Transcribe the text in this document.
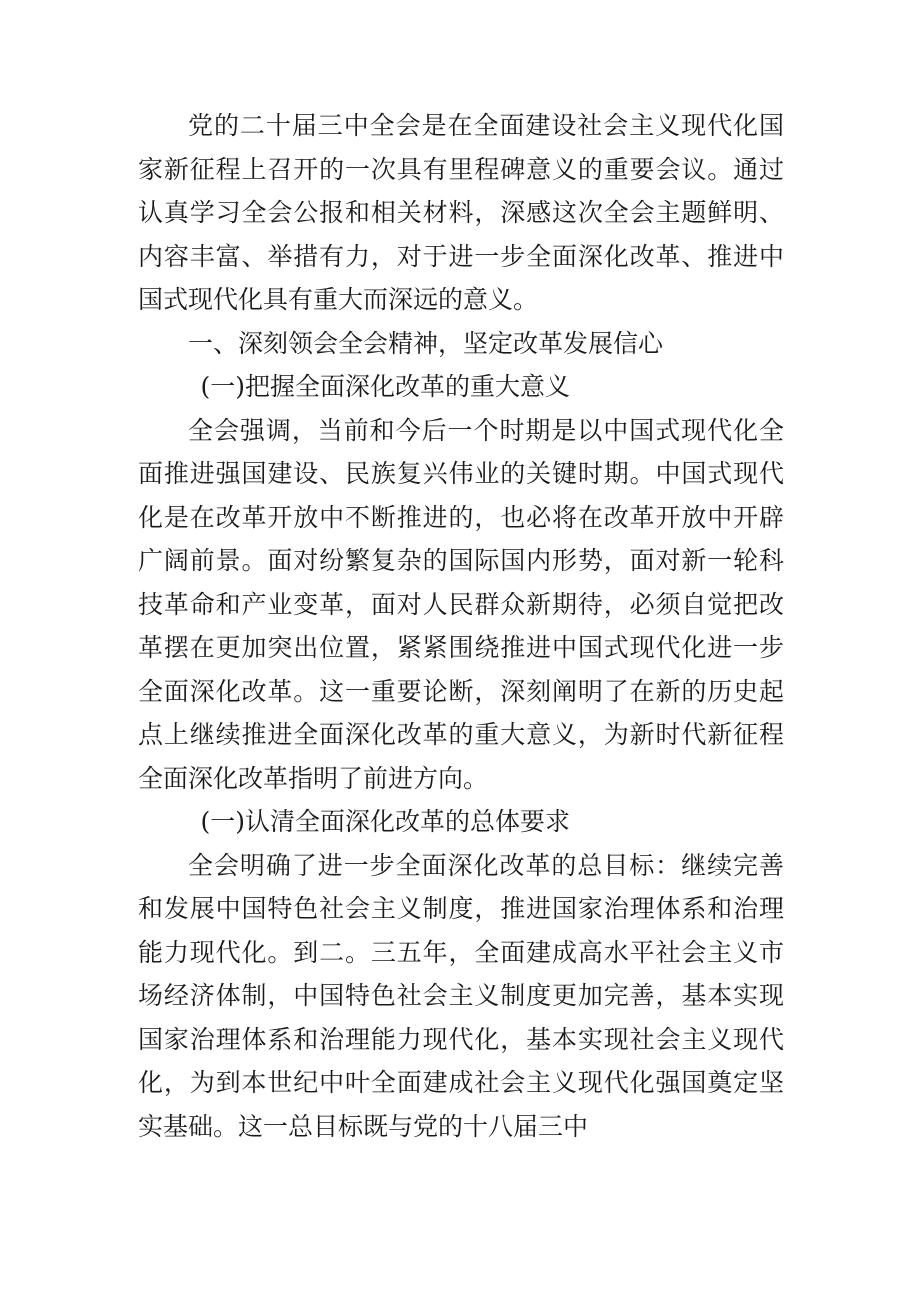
党的二十届三中全会是在全面建设社会主义现代化国家新征程上召开的一次具有里程碑意义的重要会议。通过认真学习全会公报和相关材料，深感这次全会主题鲜明、内容丰富、举措有力，对于进一步全面深化改革、推进中国式现代化具有重大而深远的意义。

一、深刻领会全会精神，坚定改革发展信心

(一)把握全面深化改革的重大意义

全会强调，当前和今后一个时期是以中国式现代化全面推进强国建设、民族复兴伟业的关键时期。中国式现代化是在改革开放中不断推进的，也必将在改革开放中开辟广阔前景。面对纷繁复杂的国际国内形势，面对新一轮科技革命和产业变革，面对人民群众新期待，必须自觉把改革摆在更加突出位置，紧紧围绕推进中国式现代化进一步全面深化改革。这一重要论断，深刻阐明了在新的历史起点上继续推进全面深化改革的重大意义，为新时代新征程全面深化改革指明了前进方向。

(一)认清全面深化改革的总体要求

全会明确了进一步全面深化改革的总目标：继续完善和发展中国特色社会主义制度，推进国家治理体系和治理能力现代化。到二。三五年，全面建成高水平社会主义市场经济体制，中国特色社会主义制度更加完善，基本实现国家治理体系和治理能力现代化，基本实现社会主义现代化，为到本世纪中叶全面建成社会主义现代化强国奠定坚实基础。这一总目标既与党的十八届三中
